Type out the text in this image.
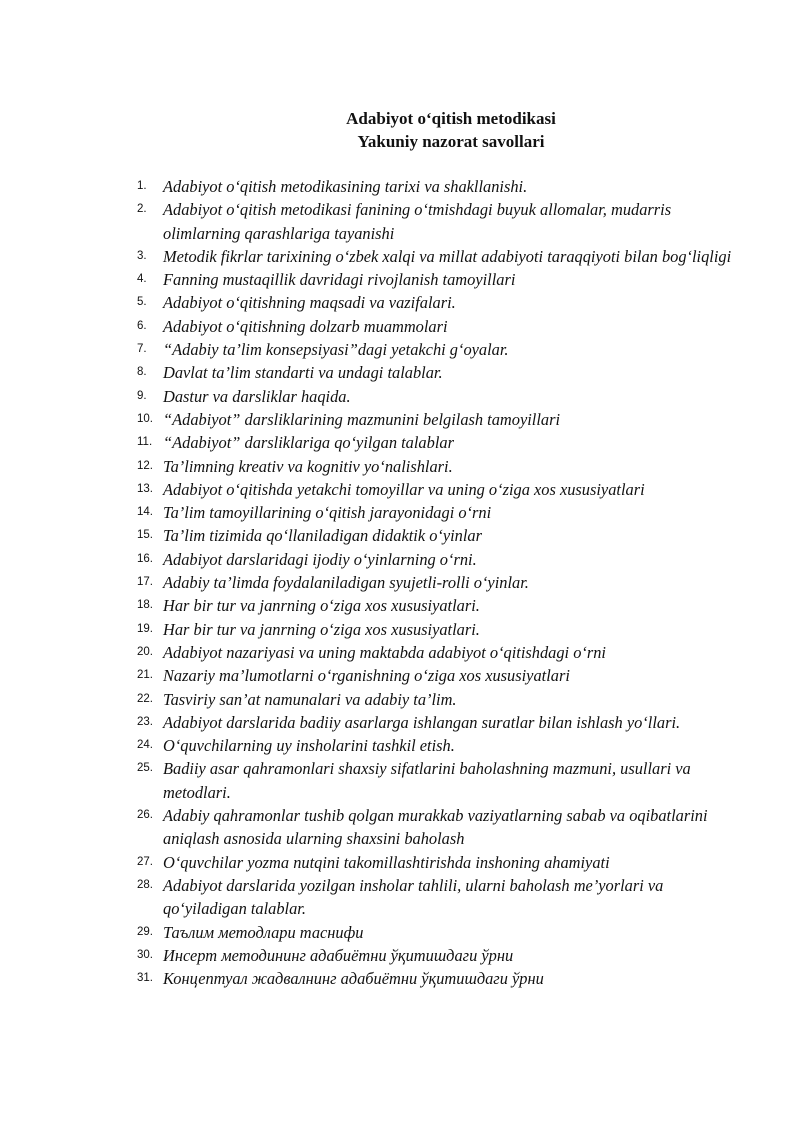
Adabiyot oʻqitish metodikasi
Yakuniy nazorat savollari
1. Adabiyot oʻqitish metodikasining tarixi va shakllanishi.
2. Adabiyot oʻqitish metodikasi fanining oʻtmishdagi buyuk allomalar, mudarris olimlarning qarashlariga tayanishi
3. Metodik fikrlar tarixining oʻzbek xalqi va millat adabiyoti taraqqiyoti bilan bogʻliqligi
4. Fanning mustaqillik davridagi rivojlanish tamoyillari
5. Adabiyot oʻqitishning maqsadi va vazifalari.
6. Adabiyot oʻqitishning dolzarb muammolari
7. “Adabiy ta’lim konsepsiyasi”dagi yetakchi gʻoyalar.
8. Davlat ta’lim standarti va undagi talablar.
9. Dastur va darsliklar haqida.
10. “Adabiyot” darsliklarining mazmunini belgilash tamoyillari
11. “Adabiyot” darsliklariga qoʻyilgan talablar
12. Ta’limning kreativ va kognitiv yoʻnalishlari.
13. Adabiyot oʻqitishda yetakchi tomoyillar va uning oʻziga xos xususiyatlari
14. Ta’lim tamoyillarining oʻqitish jarayonidagi oʻrni
15. Ta’lim tizimida qoʻllaniladigan didaktik oʻyinlar
16. Adabiyot darslaridagi ijodiy oʻyinlarning oʻrni.
17. Adabiy ta’limda foydalaniladigan syujetli-rolli oʻyinlar.
18. Har bir tur va janrning oʻziga xos xususiyatlari.
19. Har bir tur va janrning oʻziga xos xususiyatlari.
20. Adabiyot nazariyasi va uning maktabda adabiyot oʻqitishdagi oʻrni
21. Nazariy ma’lumotlarni oʻrganishning oʻziga xos xususiyatlari
22. Tasviriy san’at namunalari va adabiy ta’lim.
23. Adabiyot darslarida badiiy asarlarga ishlangan suratlar bilan ishlash yoʻllari.
24. Oʻquvchilarning uy insholarini tashkil etish.
25. Badiiy asar qahramonlari shaxsiy sifatlarini baholashning mazmuni, usullari va metodlari.
26. Adabiy qahramonlar tushib qolgan murakkab vaziyatlarning sabab va oqibatlarini aniqlash asnosida ularning shaxsini baholash
27. Oʻquvchilar yozma nutqini takomillashtirishda inshoning ahamiyati
28. Adabiyot darslarida yozilgan insholar tahlili, ularni baholash me’yorlari va qoʻyiladigan talablar.
29. Таълим методлари таснифи
30. Инсерт методининг адабиётни ўқитишдаги ўрни
31. Концептуал жадвалнинг адабиётни ўқитишдаги ўрни
